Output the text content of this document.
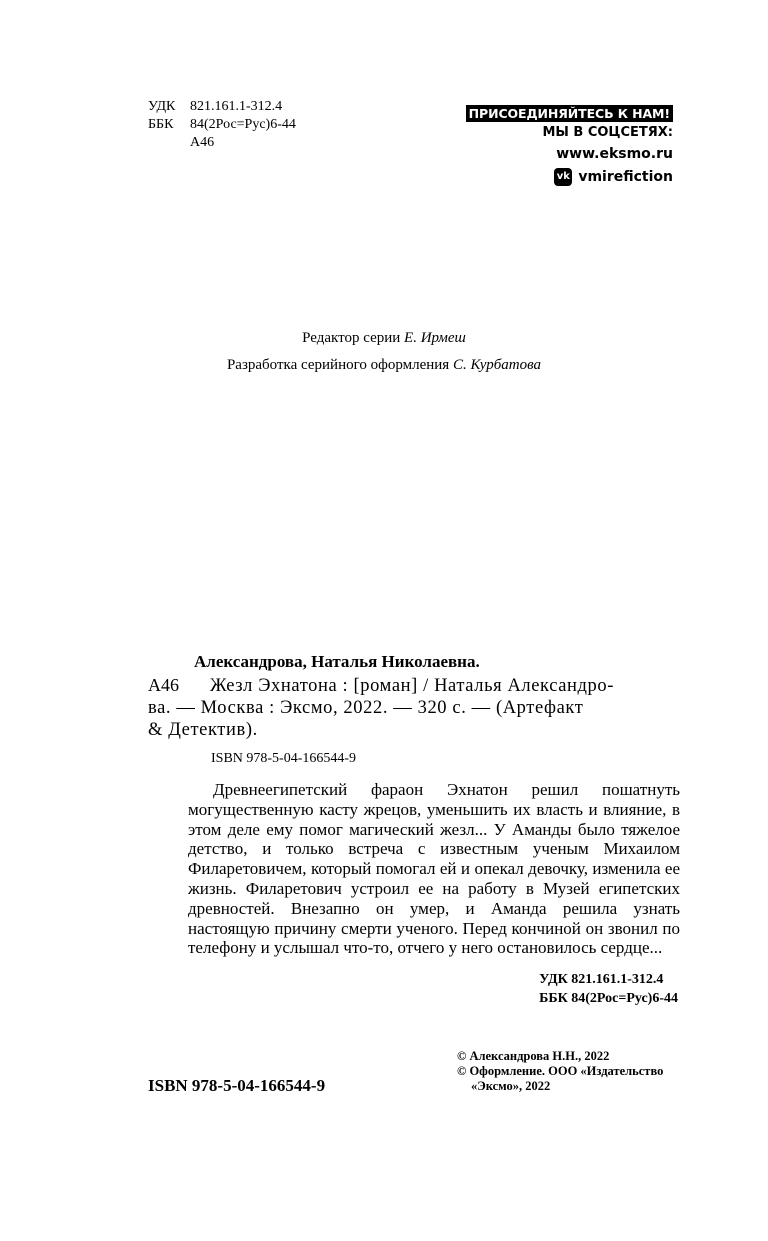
УДК	821.161.1-312.4
ББК	84(2Рос=Рус)6-44
А46
ПРИСОЕДИНЯЙТЕСЬ К НАМ!
МЫ В СОЦСЕТЯХ:
www.eksmo.ru
vk vmirefiction
Редактор серии Е. Ирмеш
Разработка серийного оформления С. Курбатова
Александрова, Наталья Николаевна.
А46	Жезл Эхнатона : [роман] / Наталья Александро-
ва. — Москва : Эксмо, 2022. — 320 с. — (Артефакт
& Детектив).
ISBN 978-5-04-166544-9

Древнеегипетский фараон Эхнатон решил пошатнуть могущественную касту жрецов, уменьшить их власть и влияние, в этом деле ему помог магический жезл... У Аманды было тяжелое детство, и только встреча с известным ученым Михаилом Филаретовичем, который помогал ей и опекал девочку, изменила ее жизнь. Филаретович устроил ее на работу в Музей египетских древностей. Внезапно он умер, и Аманда решила узнать настоящую причину смерти ученого. Перед кончиной он звонил по телефону и услышал что-то, отчего у него остановилось сердце...

УДК 821.161.1-312.4
ББК 84(2Рос=Рус)6-44
ISBN 978-5-04-166544-9
© Александрова Н.Н., 2022
© Оформление. ООО «Издательство
«Эксмо», 2022
